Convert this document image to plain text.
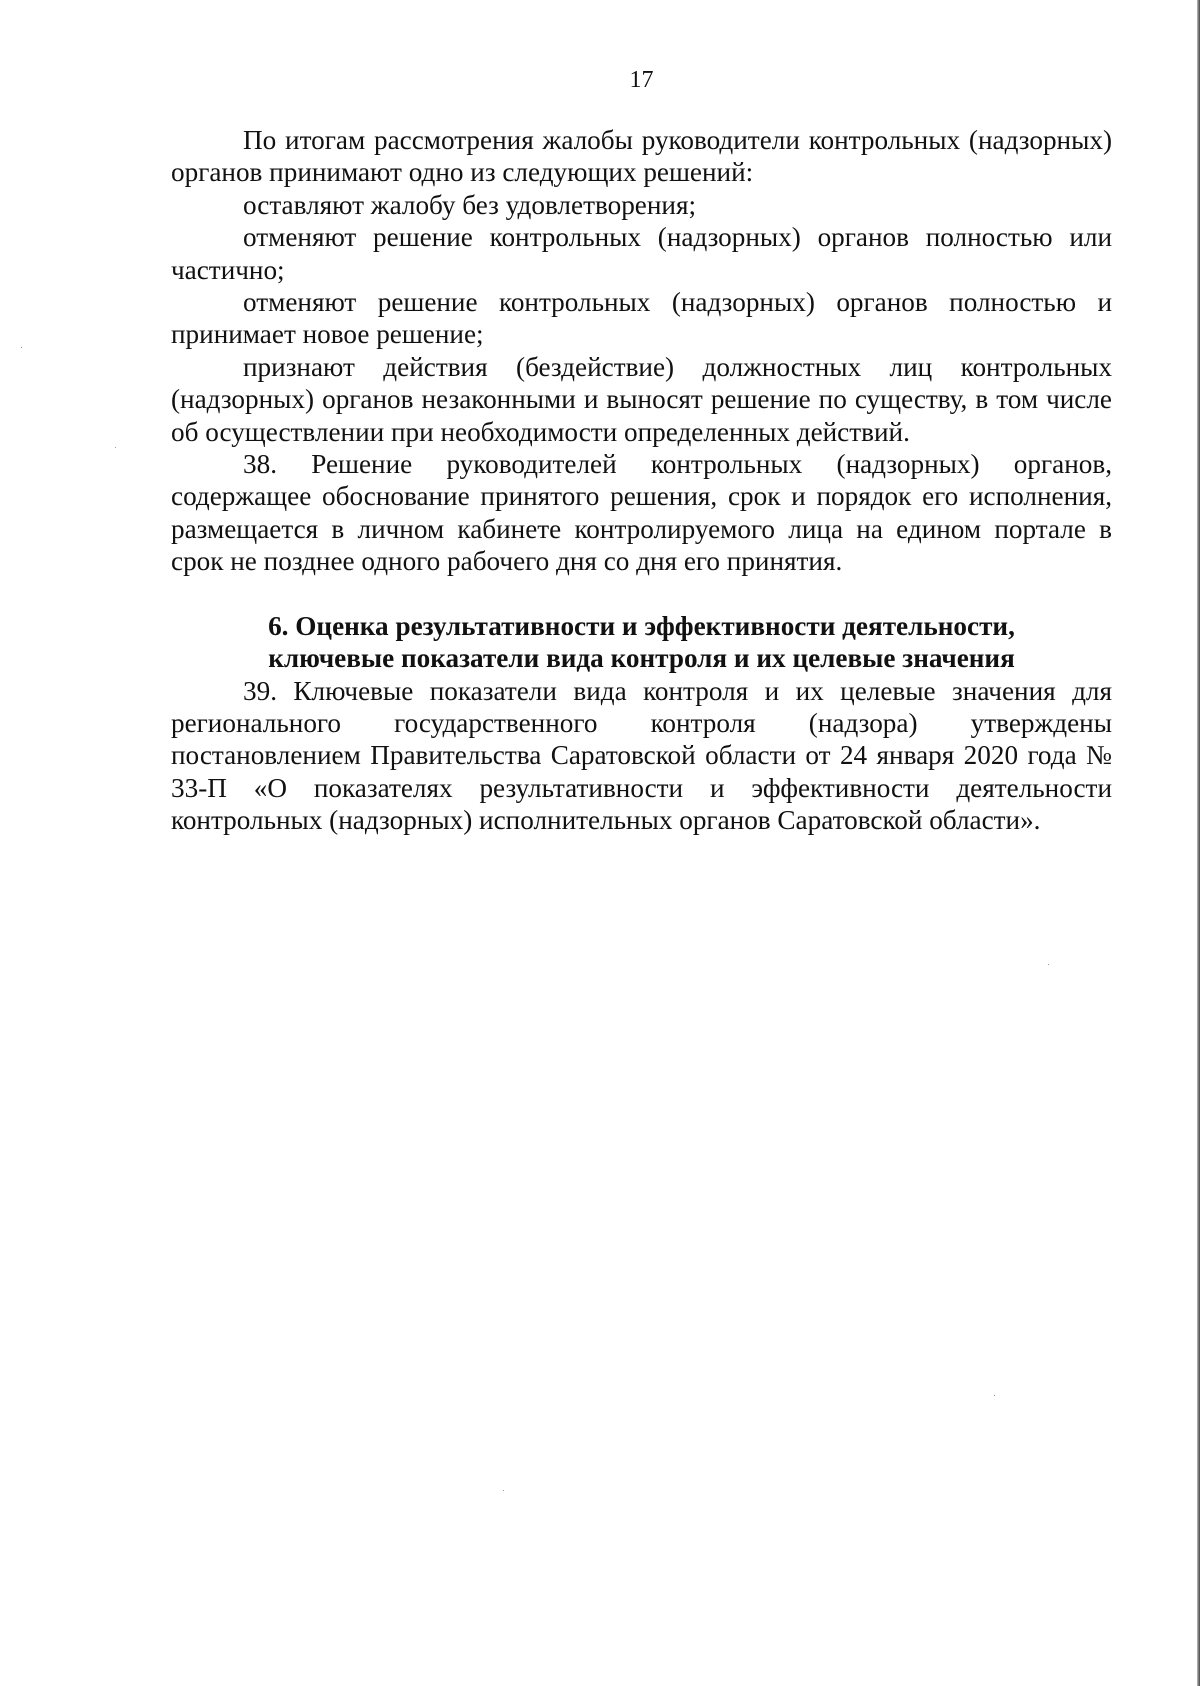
17

По итогам рассмотрения жалобы руководители контрольных (надзорных) органов принимают одно из следующих решений:

оставляют жалобу без удовлетворения;

отменяют решение контрольных (надзорных) органов полностью или частично;

отменяют решение контрольных (надзорных) органов полностью и принимает новое решение;

признают действия (бездействие) должностных лиц контрольных (надзорных) органов незаконными и выносят решение по существу, в том числе об осуществлении при необходимости определенных действий.

38. Решение руководителей контрольных (надзорных) органов, содержащее обоснование принятого решения, срок и порядок его исполнения, размещается в личном кабинете контролируемого лица на едином портале в срок не позднее одного рабочего дня со дня его принятия.

6. Оценка результативности и эффективности деятельности,
ключевые показатели вида контроля и их целевые значения

39. Ключевые показатели вида контроля и их целевые значения для регионального государственного контроля (надзора) утверждены постановлением Правительства Саратовской области от 24 января 2020 года № 33-П «О показателях результативности и эффективности деятельности контрольных (надзорных) исполнительных органов Саратовской области».
